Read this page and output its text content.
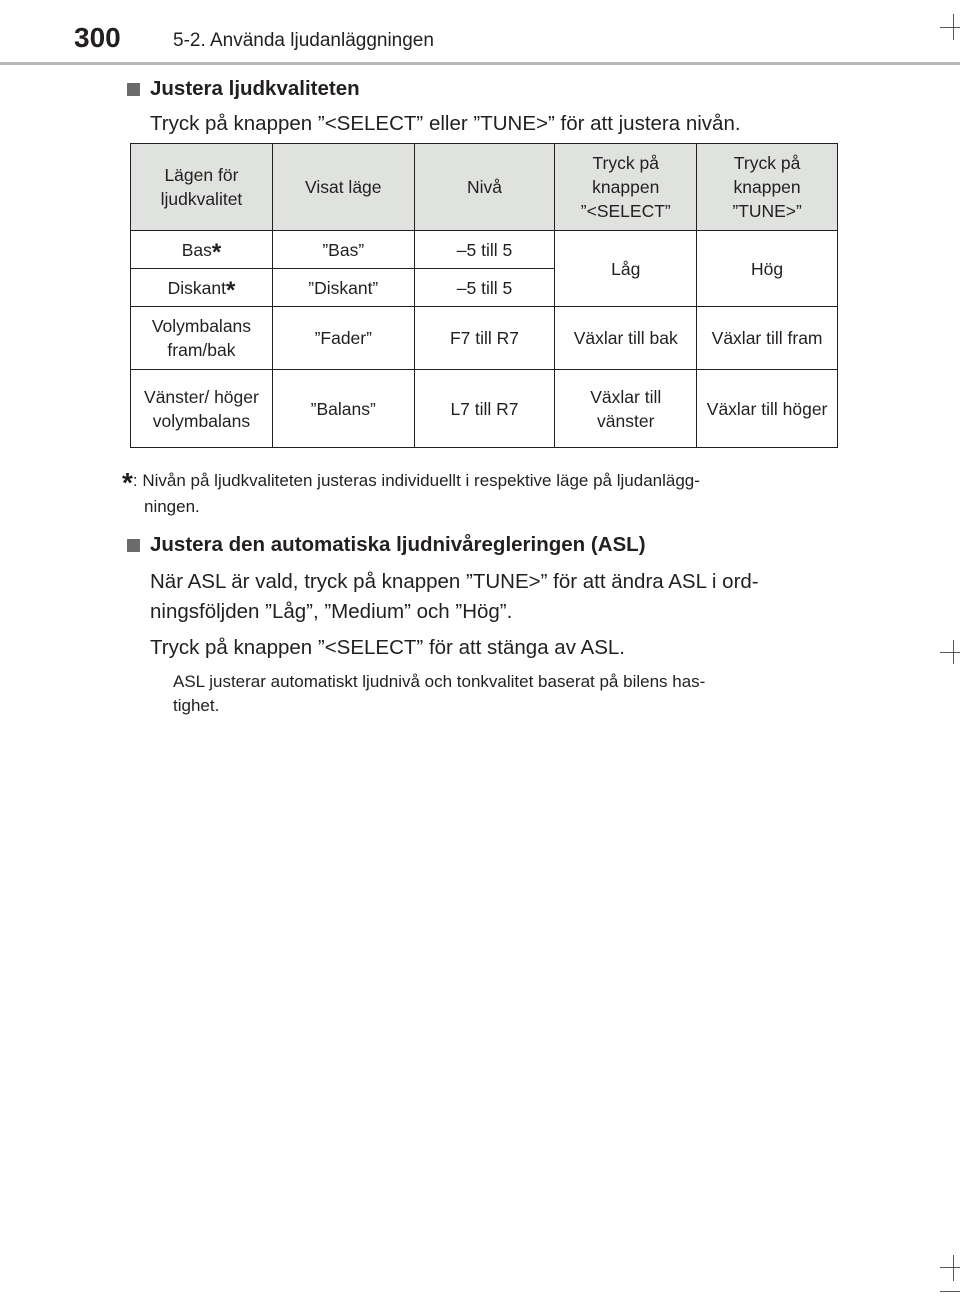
300	5-2. Använda ljudanläggningen
Justera ljudkvaliteten
Tryck på knappen ”<SELECT” eller ”TUNE>” för att justera nivån.
Lägen för ljudkvalitet	Visat läge	Nivå	Tryck på knappen ”<SELECT”	Tryck på knappen ”TUNE>”
Bas*	”Bas”	–5 till 5	Låg	Hög
Diskant*	”Diskant”	–5 till 5		
Volymbalans fram/bak	”Fader”	F7 till R7	Växlar till bak	Växlar till fram
Vänster/ höger volymbalans	”Balans”	L7 till R7	Växlar till vänster	Växlar till höger
*: Nivån på ljudkvaliteten justeras individuellt i respektive läge på ljudanlägg-
ningen.
Justera den automatiska ljudnivåregleringen (ASL)
När ASL är vald, tryck på knappen ”TUNE>” för att ändra ASL i ord-
ningsföljden ”Låg”, ”Medium” och ”Hög”.
Tryck på knappen ”<SELECT” för att stänga av ASL.
ASL justerar automatiskt ljudnivå och tonkvalitet baserat på bilens has-
tighet.
